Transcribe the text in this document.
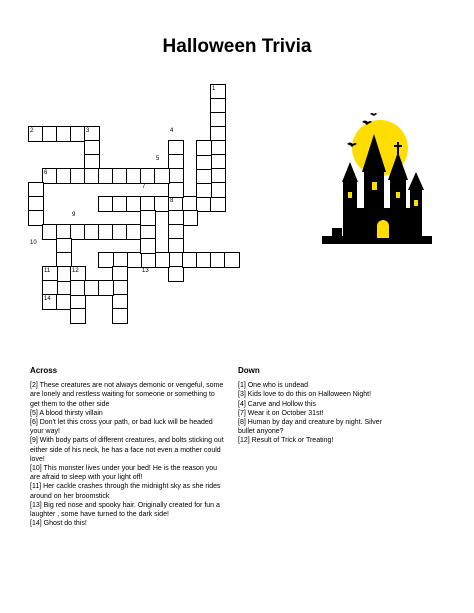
Halloween Trivia
1
2	3	4
5
6
7
8
9
10
11	12	13
14
Across

[2] These creatures are not always demonic or vengeful, some are lonely and restless waiting for someone or something to get them to the other side

[5] A blood thirsty villain

[6] Don't let this cross your path, or bad luck will be headed your way!

[9] With body parts of different creatures, and bolts sticking out either side of his neck, he has a face not even a mother could love!

[10] This monster lives under your bed! He is the reason you are afraid to sleep with your light off!

[11] Her cackle crashes through the midnight sky as she rides around on her broomstick

[13] Big red nose and spooky hair. Originally created for fun a laughter , some have turned to the dark side!

[14] Ghost do this!

Down

[1] One who is undead

[3] Kids love to do this on Halloween Night!

[4] Carve and Hollow this

[7] Wear it on October 31st!

[8] Human by day and creature by night. Silver bullet anyone?

[12] Result of Trick or Treating!
